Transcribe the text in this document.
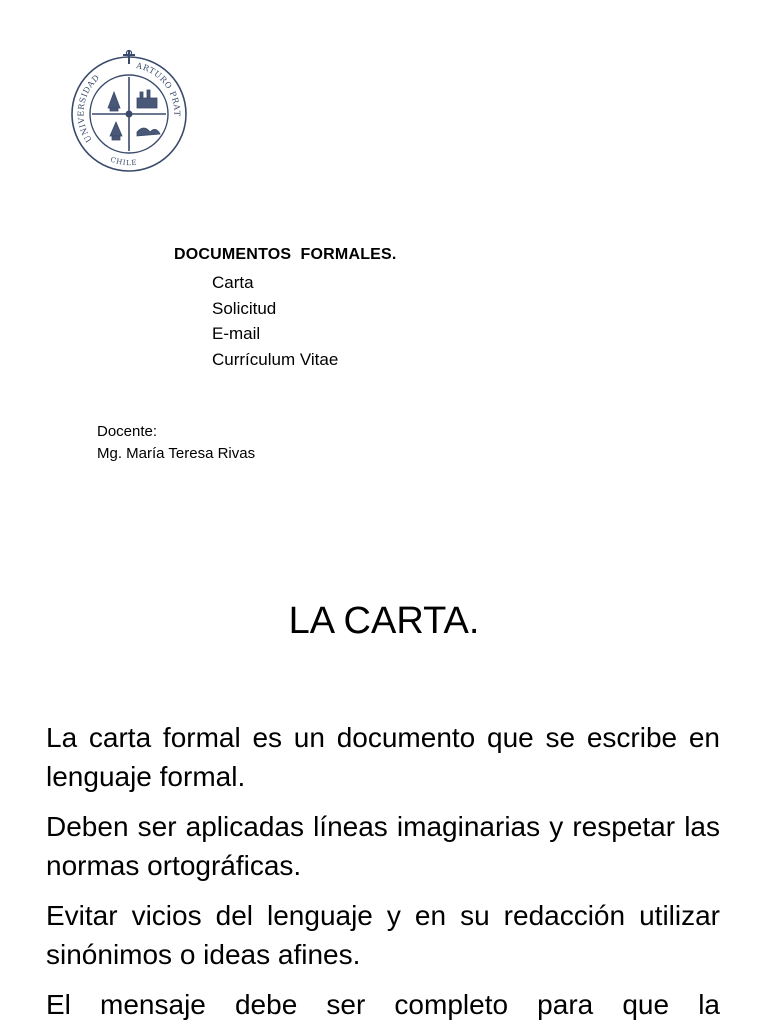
UNIVERSIDAD
ARTURO PRAT
CHILE
DOCUMENTOS  FORMALES.
Carta
Solicitud
E-mail
Currículum Vitae
Docente:
Mg. María Teresa Rivas
LA CARTA.

La carta formal es un documento que se escribe en lenguaje formal.

Deben ser aplicadas líneas imaginarias y respetar las normas ortográficas.

Evitar vicios del lenguaje y en su redacción utilizar sinónimos o ideas afines.

El mensaje debe ser completo para que la
